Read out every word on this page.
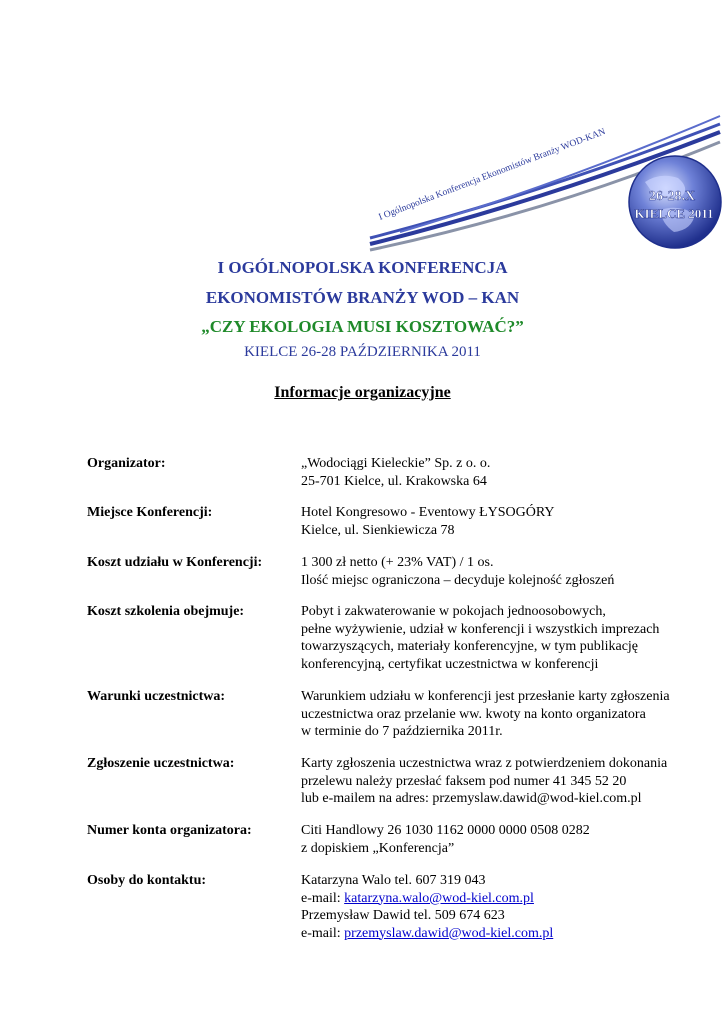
I Ogólnopolska Konferencja Ekonomistów Branży WOD-KAN
26-28.X
KIELCE 2011
I OGÓLNOPOLSKA KONFERENCJA
EKONOMISTÓW BRANŻY WOD – KAN
„CZY EKOLOGIA MUSI KOSZTOWAĆ?”
KIELCE 26-28 PAŹDZIERNIKA 2011
Informacje organizacyjne
Organizator:	„Wodociągi Kieleckie” Sp. z o. o.
25-701 Kielce, ul. Krakowska 64
Miejsce Konferencji:	Hotel Kongresowo - Eventowy ŁYSOGÓRY
Kielce, ul. Sienkiewicza 78
Koszt udziału w Konferencji:	1 300 zł netto (+ 23% VAT) / 1 os.
Ilość miejsc ograniczona – decyduje kolejność zgłoszeń
Koszt szkolenia obejmuje:	Pobyt i zakwaterowanie w pokojach jednoosobowych,
pełne wyżywienie, udział w konferencji i wszystkich imprezach
towarzyszących, materiały konferencyjne, w tym publikację
konferencyjną, certyfikat uczestnictwa w konferencji
Warunki uczestnictwa:	Warunkiem udziału w konferencji jest przesłanie karty zgłoszenia
uczestnictwa oraz przelanie ww. kwoty na konto organizatora
w terminie do 7 października 2011r.
Zgłoszenie uczestnictwa:	Karty zgłoszenia uczestnictwa wraz z potwierdzeniem dokonania
przelewu należy przesłać faksem pod numer 41 345 52 20
lub e-mailem na adres: przemyslaw.dawid@wod-kiel.com.pl
Numer konta organizatora:	Citi Handlowy 26 1030 1162 0000 0000 0508 0282
z dopiskiem „Konferencja”
Osoby do kontaktu:	Katarzyna Walo tel. 607 319 043
e-mail: katarzyna.walo@wod-kiel.com.pl
Przemysław Dawid tel. 509 674 623
e-mail: przemyslaw.dawid@wod-kiel.com.pl
